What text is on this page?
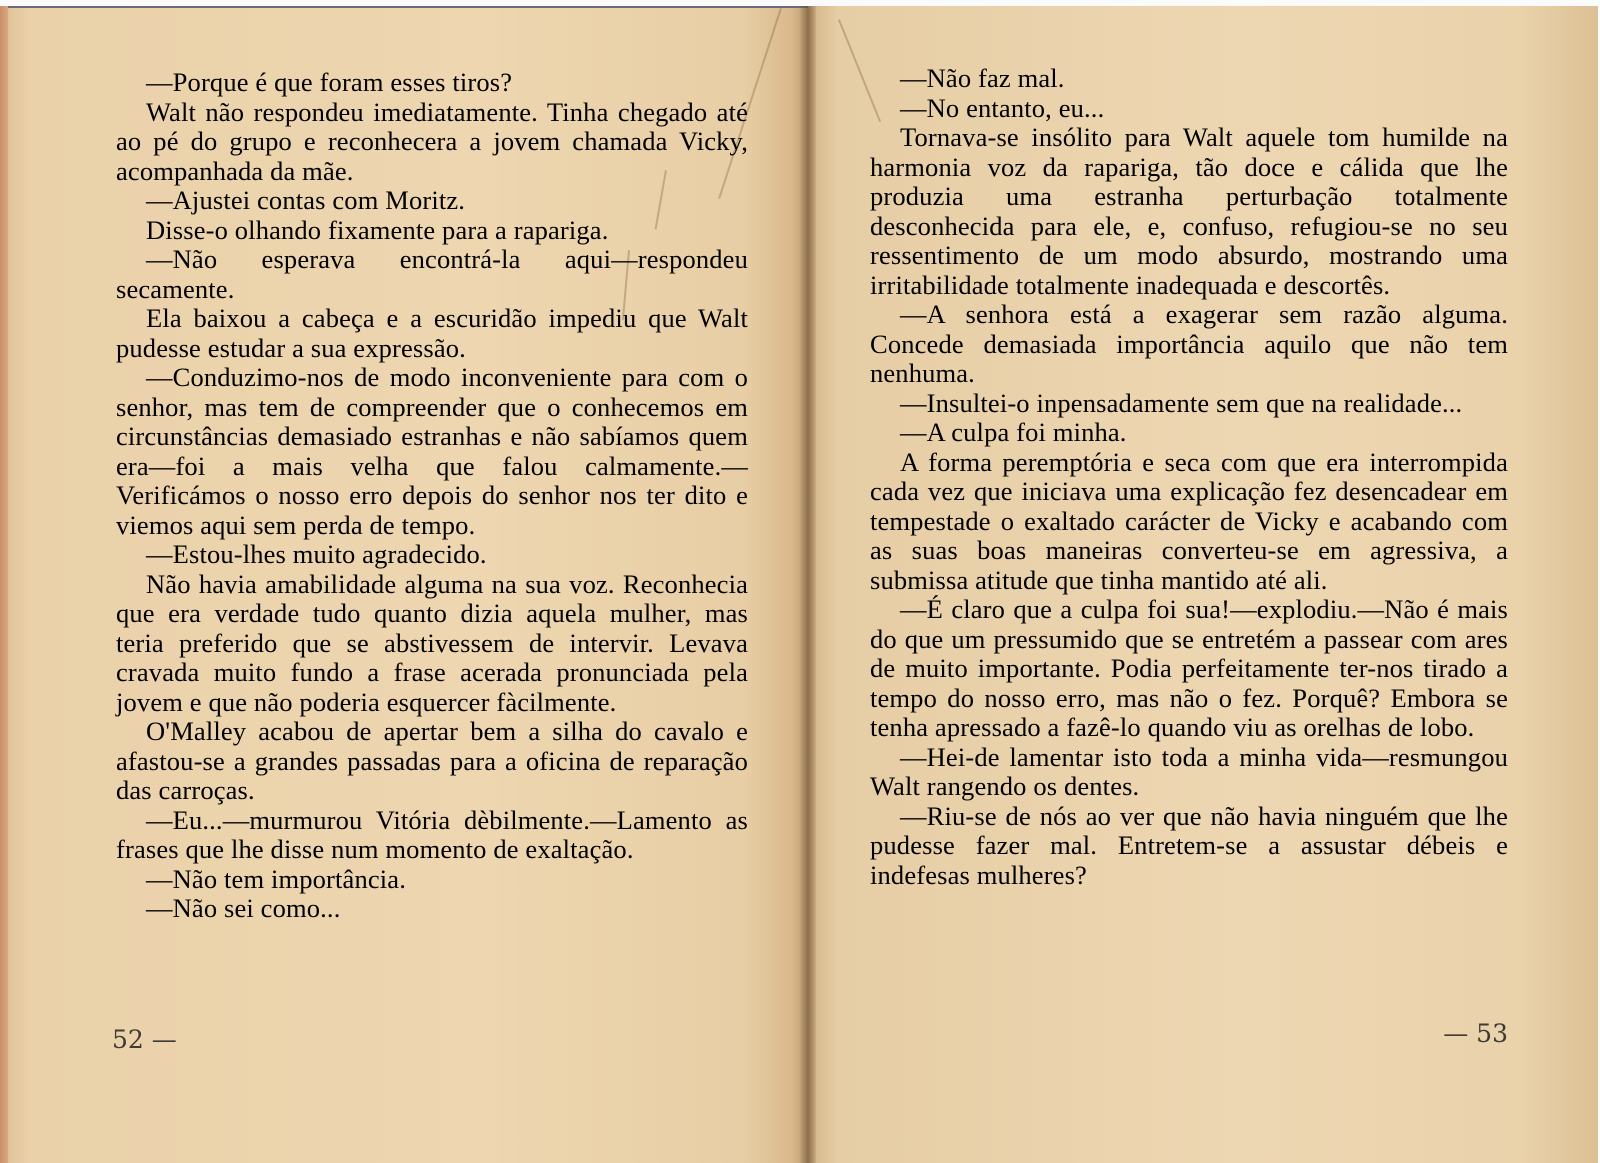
—Porque é que foram esses tiros?

Walt não respondeu imediatamente. Tinha chegado até ao pé do grupo e reconhecera a jovem chamada Vicky, acompanhada da mãe.

—Ajustei contas com Moritz.

Disse-o olhando fixamente para a rapariga.

—Não esperava encontrá-la aqui—respondeu secamente.

Ela baixou a cabeça e a escuridão impediu que Walt pudesse estudar a sua expressão.

—Conduzimo-nos de modo inconveniente para com o senhor, mas tem de compreender que o conhecemos em circunstâncias demasiado estranhas e não sabíamos quem era—foi a mais velha que falou calmamente.—Verificámos o nosso erro depois do senhor nos ter dito e viemos aqui sem perda de tempo.

—Estou-lhes muito agradecido.

Não havia amabilidade alguma na sua voz. Reconhecia que era verdade tudo quanto dizia aquela mulher, mas teria preferido que se abstivessem de intervir. Levava cravada muito fundo a frase acerada pronunciada pela jovem e que não poderia esquercer fàcilmente.

O'Malley acabou de apertar bem a silha do cavalo e afastou-se a grandes passadas para a oficina de reparação das carroças.

—Eu...—murmurou Vitória dèbilmente.—Lamento as frases que lhe disse num momento de exaltação.

—Não tem importância.

—Não sei como...

52 —

—Não faz mal.

—No entanto, eu...

Tornava-se insólito para Walt aquele tom humilde na harmonia voz da rapariga, tão doce e cálida que lhe produzia uma estranha perturbação totalmente desconhecida para ele, e, confuso, refugiou-se no seu ressentimento de um modo absurdo, mostrando uma irritabilidade totalmente inadequada e descortês.

—A senhora está a exagerar sem razão alguma. Concede demasiada importância aquilo que não tem nenhuma.

—Insultei-o inpensadamente sem que na realidade...

—A culpa foi minha.

A forma peremptória e seca com que era interrompida cada vez que iniciava uma explicação fez desencadear em tempestade o exaltado carácter de Vicky e acabando com as suas boas maneiras converteu-se em agressiva, a submissa atitude que tinha mantido até ali.

—É claro que a culpa foi sua!—explodiu.—Não é mais do que um pressumido que se entretém a passear com ares de muito importante. Podia perfeitamente ter-nos tirado a tempo do nosso erro, mas não o fez. Porquê? Embora se tenha apressado a fazê-lo quando viu as orelhas de lobo.

—Hei-de lamentar isto toda a minha vida—resmungou Walt rangendo os dentes.

—Riu-se de nós ao ver que não havia ninguém que lhe pudesse fazer mal. Entretem-se a assustar débeis e indefesas mulheres?

— 53
